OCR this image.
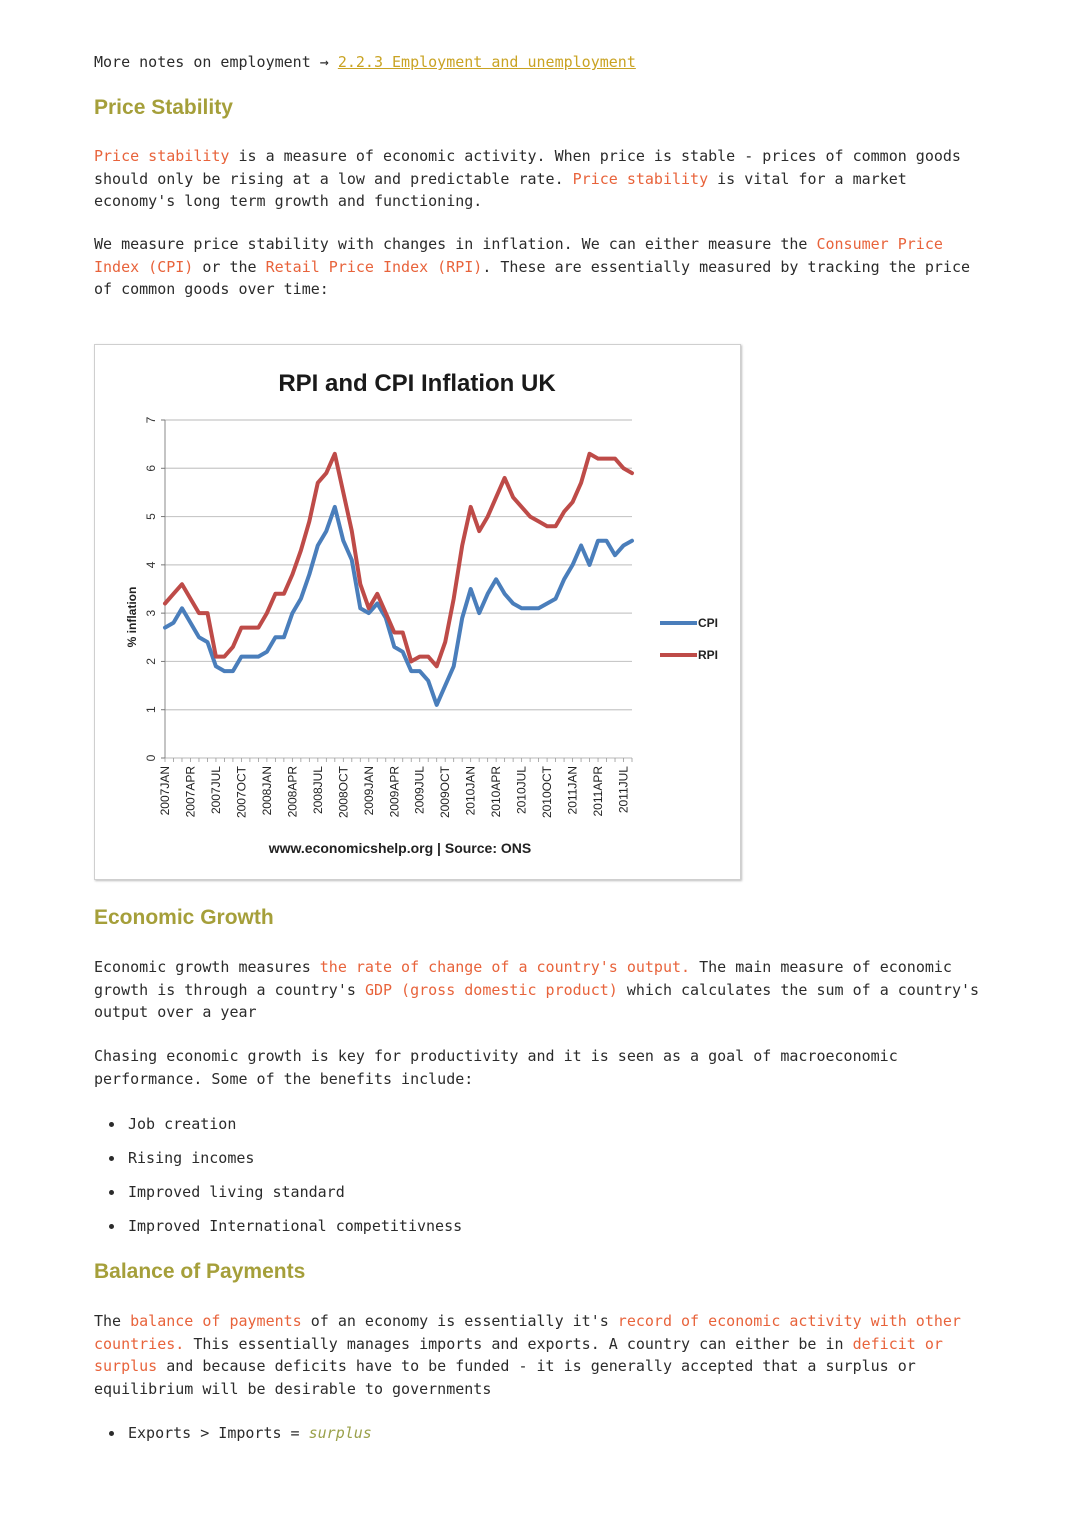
More notes on employment → 2.2.3 Employment and unemployment
Price Stability
Price stability is a measure of economic activity. When price is stable - prices of common goods should only be rising at a low and predictable rate. Price stability is vital for a market economy's long term growth and functioning.
We measure price stability with changes in inflation. We can either measure the Consumer Price Index (CPI) or the Retail Price Index (RPI). These are essentially measured by tracking the price of common goods over time:
RPI and CPI Inflation UK
0
1
2
3
4
5
6
7
% inflation
2007JAN 2007APR 2007JUL 2007OCT 2008JAN 2008APR 2008JUL 2008OCT 2009JAN 2009APR 2009JUL 2009OCT 2010JAN 2010APR 2010JUL 2010OCT 2011JAN 2011APR 2011JUL
CPI
RPI
www.economicshelp.org | Source: ONS
Economic Growth
Economic growth measures the rate of change of a country's output. The main measure of economic growth is through a country's GDP (gross domestic product) which calculates the sum of a country's output over a year
Chasing economic growth is key for productivity and it is seen as a goal of macroeconomic performance. Some of the benefits include:
Job creation
Rising incomes
Improved living standard
Improved International competitivness
Balance of Payments
The balance of payments of an economy is essentially it's record of economic activity with other countries. This essentially manages imports and exports. A country can either be in deficit or surplus and because deficits have to be funded - it is generally accepted that a surplus or equilibrium will be desirable to governments
Exports > Imports = surplus
